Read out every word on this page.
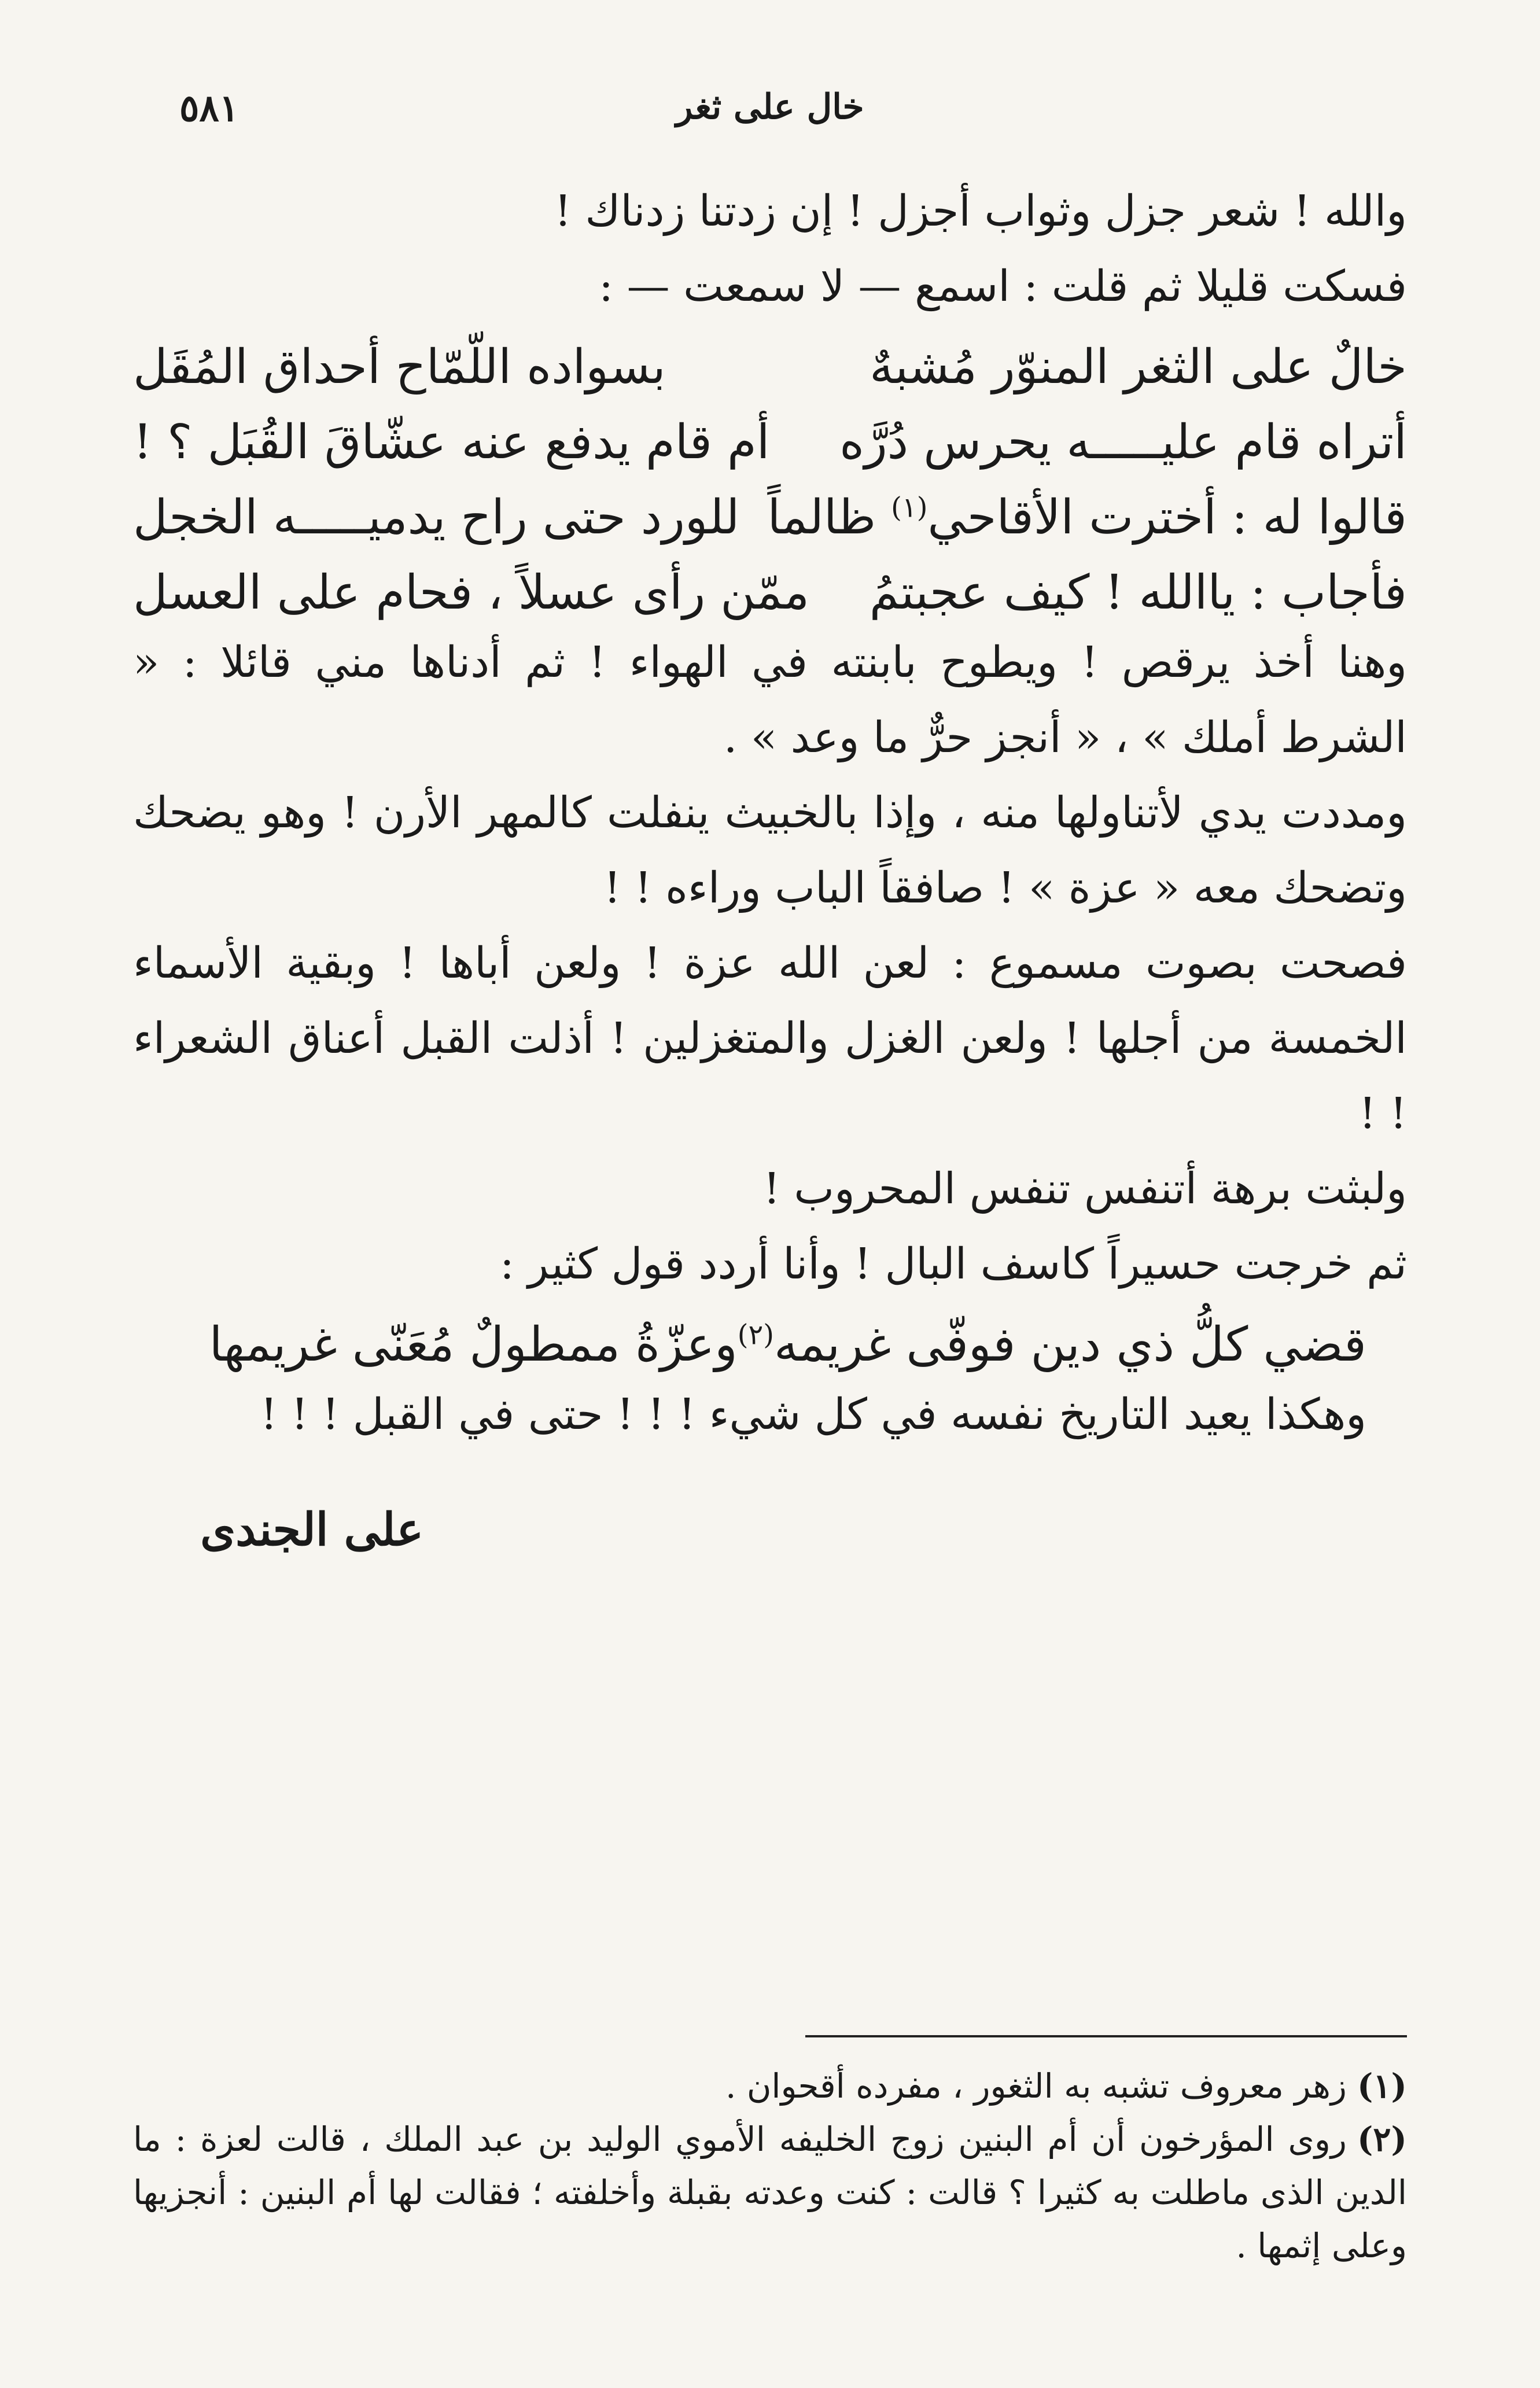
٥٨١	خال على ثغر

والله ! شعر جزل وثواب أجزل ! إن زدتنا زدناك !

فسكت قليلا ثم قلت : اسمع — لا سمعت — :

خالٌ على الثغر المنوّر مُشبهٌ
بسواده اللّمّاح أحداق المُقَل
أتراه قام عليـــــه يحرس دُرَّه
أم قام يدفع عنه عشّاقَ القُبَل ؟ !
قالوا له : أخترت الأقاحي$^{(١)}$ ظالماً
للورد حتى راح يدميـــــه الخجل
فأجاب : ياالله ! كيف عجبتمُ
ممّن رأى عسلاً ، فحام على العسل

وهنا أخذ يرقص ! ويطوح بابنته في الهواء ! ثم أدناها مني قائلا : « الشرط أملك » ، « أنجز حرٌّ ما وعد » .

ومددت يدي لأتناولها منه ، وإذا بالخبيث ينفلت كالمهر الأرن ! وهو يضحك وتضحك معه « عزة » ! صافقاً الباب وراءه ! !

فصحت بصوت مسموع : لعن الله عزة ! ولعن أباها ! وبقية الأسماء الخمسة من أجلها ! ولعن الغزل والمتغزلين ! أذلت القبل أعناق الشعراء ! !

ولبثت برهة أتنفس تنفس المحروب !

ثم خرجت حسيراً كاسف البال ! وأنا أردد قول كثير :

قضي كلُّ ذي دين فوفّى غريمه$^{(٢)}$
وعزّةُ ممطولٌ مُعَنّى غريمها

وهكذا يعيد التاريخ نفسه في كل شيء ! ! ! حتى في القبل ! ! !

على الجندى

(١)زهر معروف تشبه به الثغور ، مفرده أقحوان .

(٢)روى المؤرخون أن أم البنين زوج الخليفه الأموي الوليد بن عبد الملك ، قالت لعزة : ما الدين الذى ماطلت به كثيرا ؟ قالت : كنت وعدته بقبلة وأخلفته ؛ فقالت لها أم البنين : أنجزيها وعلى إثمها .
